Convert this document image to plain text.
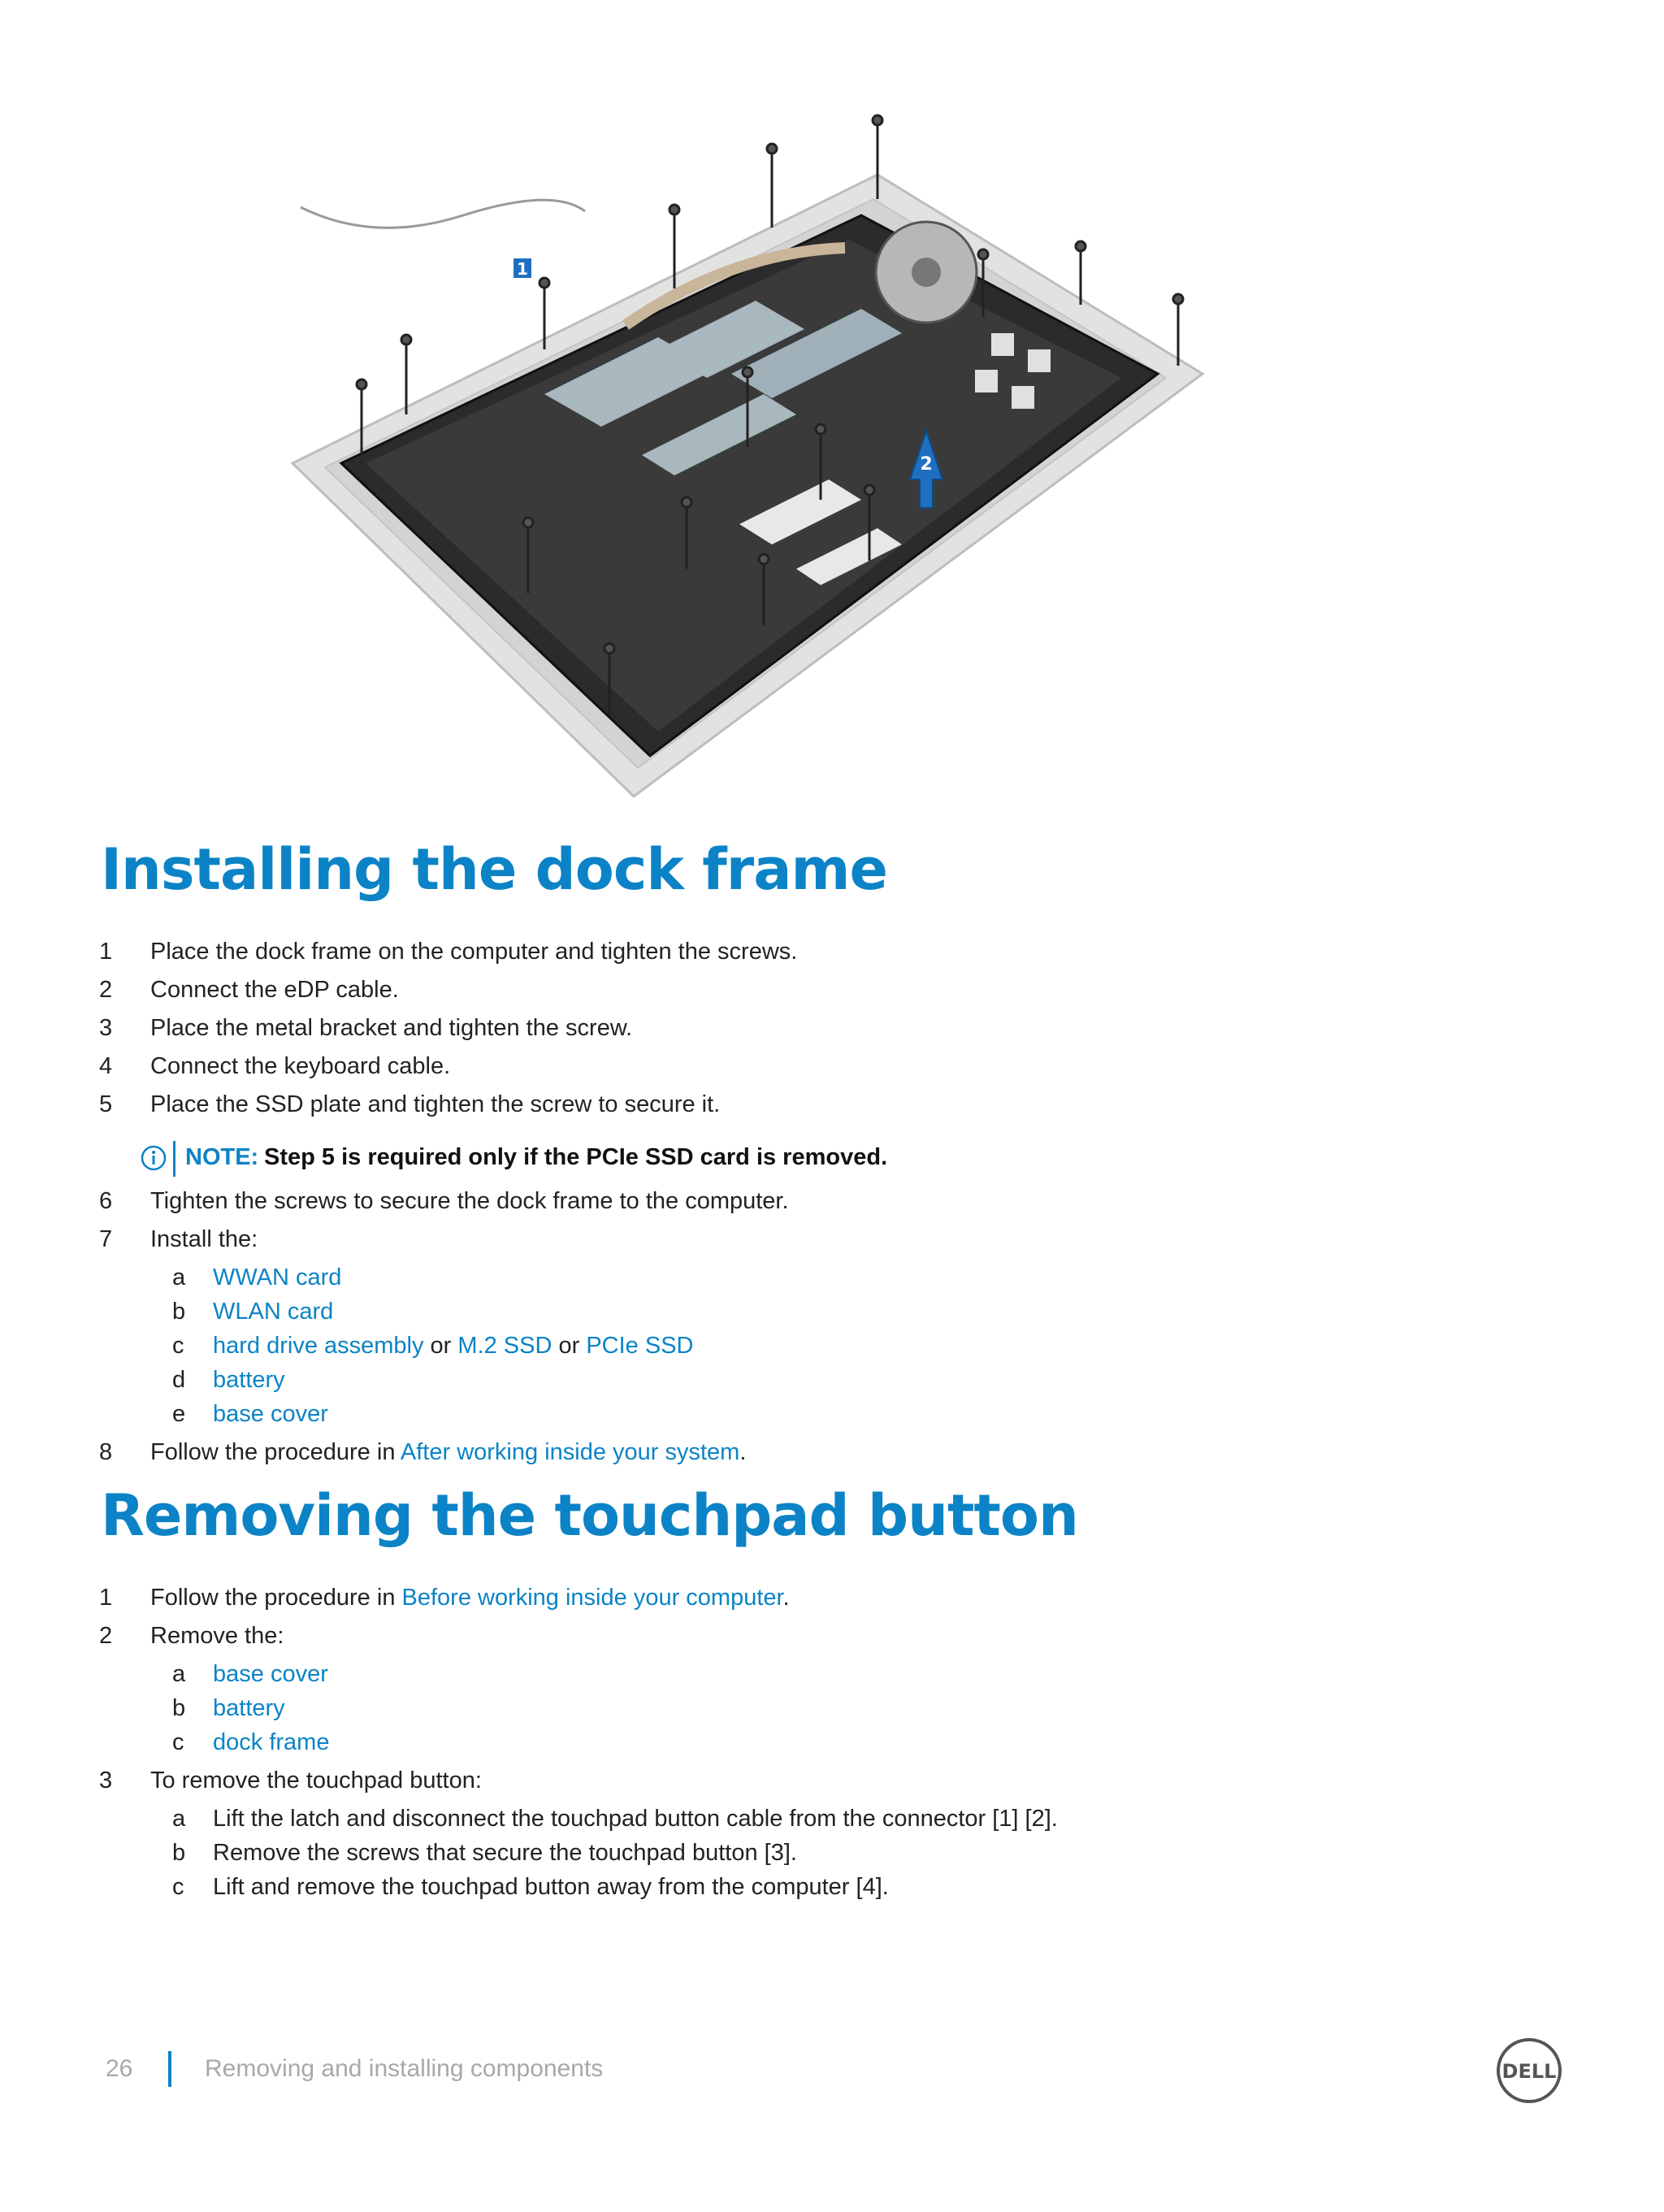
2
1
Installing the dock frame
1 Place the dock frame on the computer and tighten the screws.
2 Connect the eDP cable.
3 Place the metal bracket and tighten the screw.
4 Connect the keyboard cable.
5 Place the SSD plate and tighten the screw to secure it.
NOTE: Step 5 is required only if the PCIe SSD card is removed.
6 Tighten the screws to secure the dock frame to the computer.
7 Install the:
a WWAN card
b WLAN card
c hard drive assembly or M.2 SSD or PCIe SSD
d battery
e base cover
8 Follow the procedure in After working inside your system.
Removing the touchpad button
1 Follow the procedure in Before working inside your computer.
2 Remove the:
a base cover
b battery
c dock frame
3 To remove the touchpad button:
a Lift the latch and disconnect the touchpad button cable from the connector [1] [2].
b Remove the screws that secure the touchpad button [3].
c Lift and remove the touchpad button away from the computer [4].
26	Removing and installing components	DELL
